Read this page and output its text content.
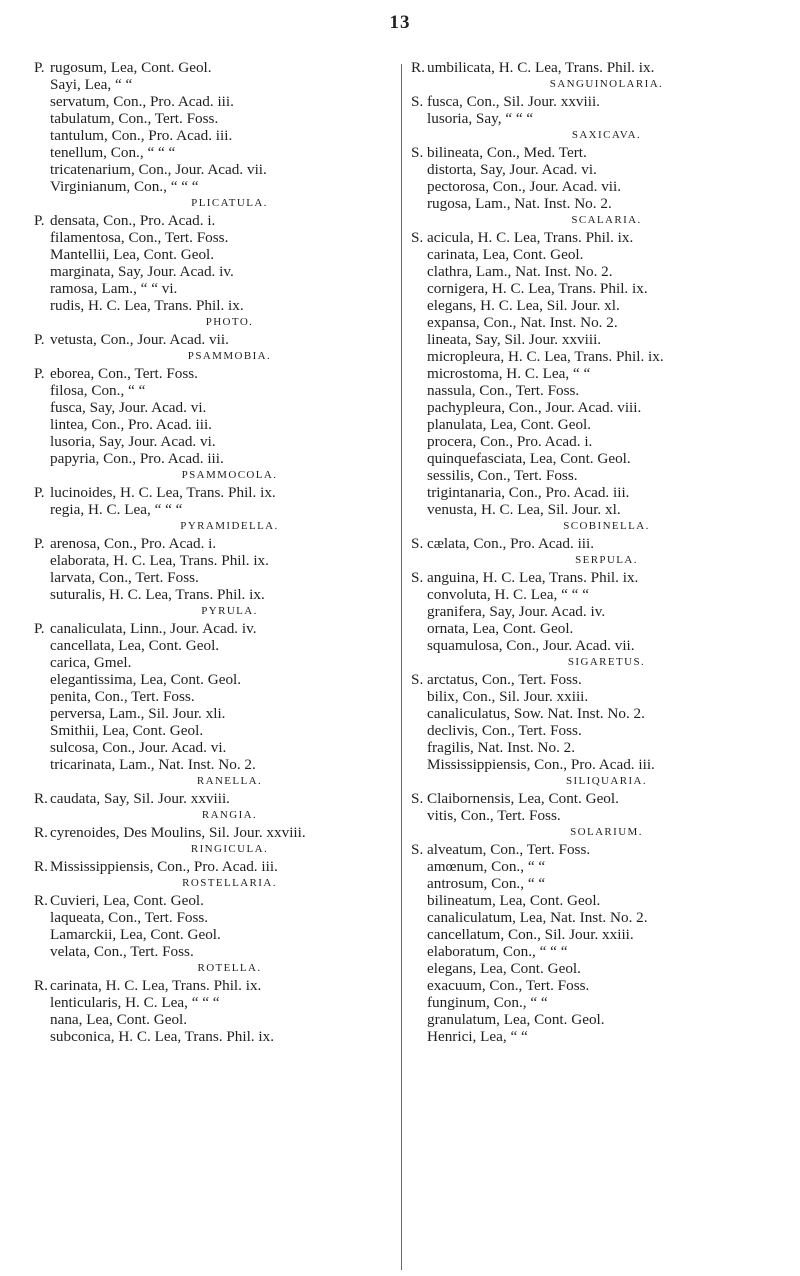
13
P. rugosum, Lea, Cont. Geol.
Sayi, Lea, “ “
servatum, Con., Pro. Acad. iii.
tabulatum, Con., Tert. Foss.
tantulum, Con., Pro. Acad. iii.
tenellum, Con., “ “ “
tricatenarium, Con., Jour. Acad. vii.
Virginianum, Con., “ “ “
PLICATULA.
P. densata, Con., Pro. Acad. i.
filamentosa, Con., Tert. Foss.
Mantellii, Lea, Cont. Geol.
marginata, Say, Jour. Acad. iv.
ramosa, Lam., “ “ vi.
rudis, H. C. Lea, Trans. Phil. ix.
PHOTO.
P. vetusta, Con., Jour. Acad. vii.
PSAMMOBIA.
P. eborea, Con., Tert. Foss.
filosa, Con., “ “
fusca, Say, Jour. Acad. vi.
lintea, Con., Pro. Acad. iii.
lusoria, Say, Jour. Acad. vi.
papyria, Con., Pro. Acad. iii.
PSAMMOCOLA.
P. lucinoides, H. C. Lea, Trans. Phil. ix.
regia, H. C. Lea, “ “ “
PYRAMIDELLA.
P. arenosa, Con., Pro. Acad. i.
elaborata, H. C. Lea, Trans. Phil. ix.
larvata, Con., Tert. Foss.
suturalis, H. C. Lea, Trans. Phil. ix.
PYRULA.
P. canaliculata, Linn., Jour. Acad. iv.
cancellata, Lea, Cont. Geol.
carica, Gmel.
elegantissima, Lea, Cont. Geol.
penita, Con., Tert. Foss.
perversa, Lam., Sil. Jour. xli.
Smithii, Lea, Cont. Geol.
sulcosa, Con., Jour. Acad. vi.
tricarinata, Lam., Nat. Inst. No. 2.
RANELLA.
R. caudata, Say, Sil. Jour. xxviii.
RANGIA.
R. cyrenoides, Des Moulins, Sil. Jour. xxviii.
RINGICULA.
R. Mississippiensis, Con., Pro. Acad. iii.
ROSTELLARIA.
R. Cuvieri, Lea, Cont. Geol.
laqueata, Con., Tert. Foss.
Lamarckii, Lea, Cont. Geol.
velata, Con., Tert. Foss.
ROTELLA.
R. carinata, H. C. Lea, Trans. Phil. ix.
lenticularis, H. C. Lea, “ “ “
nana, Lea, Cont. Geol.
subconica, H. C. Lea, Trans. Phil. ix.
R. umbilicata, H. C. Lea, Trans. Phil. ix.
SANGUINOLARIA.
S. fusca, Con., Sil. Jour. xxviii.
lusoria, Say, “ “ “
SAXICAVA.
S. bilineata, Con., Med. Tert.
distorta, Say, Jour. Acad. vi.
pectorosa, Con., Jour. Acad. vii.
rugosa, Lam., Nat. Inst. No. 2.
SCALARIA.
S. acicula, H. C. Lea, Trans. Phil. ix.
carinata, Lea, Cont. Geol.
clathra, Lam., Nat. Inst. No. 2.
cornigera, H. C. Lea, Trans. Phil. ix.
elegans, H. C. Lea, Sil. Jour. xl.
expansa, Con., Nat. Inst. No. 2.
lineata, Say, Sil. Jour. xxviii.
micropleura, H. C. Lea, Trans. Phil. ix.
microstoma, H. C. Lea, “ “
nassula, Con., Tert. Foss.
pachypleura, Con., Jour. Acad. viii.
planulata, Lea, Cont. Geol.
procera, Con., Pro. Acad. i.
quinquefasciata, Lea, Cont. Geol.
sessilis, Con., Tert. Foss.
trigintanaria, Con., Pro. Acad. iii.
venusta, H. C. Lea, Sil. Jour. xl.
SCOBINELLA.
S. cælata, Con., Pro. Acad. iii.
SERPULA.
S. anguina, H. C. Lea, Trans. Phil. ix.
convoluta, H. C. Lea, “ “ “
granifera, Say, Jour. Acad. iv.
ornata, Lea, Cont. Geol.
squamulosa, Con., Jour. Acad. vii.
SIGARETUS.
S. arctatus, Con., Tert. Foss.
bilix, Con., Sil. Jour. xxiii.
canaliculatus, Sow. Nat. Inst. No. 2.
declivis, Con., Tert. Foss.
fragilis, Nat. Inst. No. 2.
Mississippiensis, Con., Pro. Acad. iii.
SILIQUARIA.
S. Claibornensis, Lea, Cont. Geol.
vitis, Con., Tert. Foss.
SOLARIUM.
S. alveatum, Con., Tert. Foss.
amœnum, Con., “ “
antrosum, Con., “ “
bilineatum, Lea, Cont. Geol.
canaliculatum, Lea, Nat. Inst. No. 2.
cancellatum, Con., Sil. Jour. xxiii.
elaboratum, Con., “ “ “
elegans, Lea, Cont. Geol.
exacuum, Con., Tert. Foss.
funginum, Con., “ “
granulatum, Lea, Cont. Geol.
Henrici, Lea, “ “
